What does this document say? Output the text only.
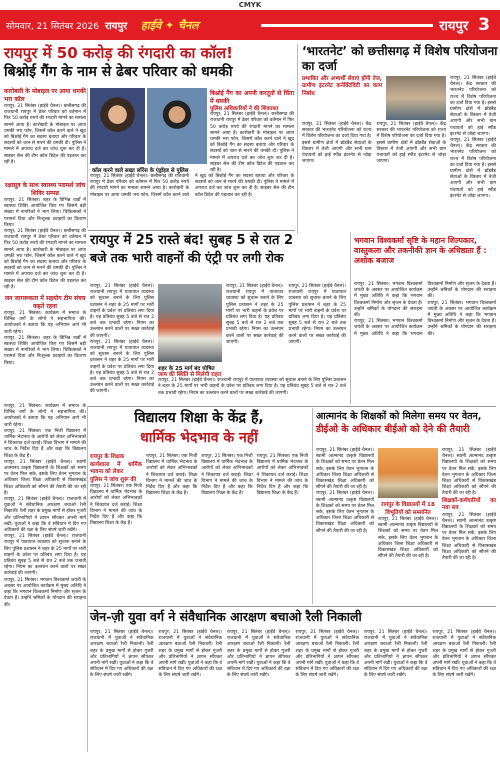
CMYK
सोमवार, 21 सितंबर 2026 रायपुर	हाईवे ✦ चैनल	रायपुर 3
रायपुर में 50 करोड़ की रंगदारी का कॉल!
बिश्नोई गैंग के नाम से ढेबर परिवार को धमकी
कारोबारी के मोबाइल पर आया धमकी भरा कॉल
रायपुर, 21 सितंबर (हाईवे चैनल)। छत्तीसगढ़ की राजधानी रायपुर में ढेबर परिवार को वर्तमान में फिर 50 करोड़ रुपये की रंगदारी मांगने का मामला सामने आया है। कारोबारी के मोबाइल पर आया धमकी भरा फोन, जिसमें कॉल करने वाले ने खुद को बिश्नोई गैंग का सदस्य बताया और परिवार के सदस्यों को जान से मारने की धमकी दी। पुलिस ने मामले में अपराध दर्ज कर जांच शुरू कर दी है। साइबर सेल की टीम कॉल डिटेल की पड़ताल कर रही है।
कॉल करने वाले सख्त लॉरेंस के एंड्रॉइड से पुलिस
बिश्नोई गैंग का अपनी करतूतों से चिंता में धमकी
पुलिस अधिकारियों ने की शिकायत
रायपुर, 21 सितंबर (हाईवे चैनल)। छत्तीसगढ़ की राजधानी रायपुर में ढेबर परिवार को वर्तमान में फिर 50 करोड़ रुपये की रंगदारी मांगने का मामला सामने आया है। कारोबारी के मोबाइल पर आया धमकी भरा फोन, जिसमें कॉल करने वाले ने खुद को बिश्नोई गैंग का सदस्य बताया और परिवार के सदस्यों को जान से मारने की धमकी दी। पुलिस ने मामले में अपराध दर्ज कर जांच शुरू कर दी है। साइबर सेल की टीम कॉल डिटेल की पड़ताल कर रही है।
रायपुर, 21 सितंबर (हाईवे चैनल)। छत्तीसगढ़ की राजधानी रायपुर में ढेबर परिवार को वर्तमान में फिर 50 करोड़ रुपये की रंगदारी मांगने का मामला सामने आया है। कारोबारी के मोबाइल पर आया धमकी भरा फोन, जिसमें कॉल करने वाले ने खुद को बिश्नोई गैंग का सदस्य बताया और परिवार के सदस्यों को जान से मारने की धमकी दी। पुलिस ने मामले में अपराध दर्ज कर जांच शुरू कर दी है। साइबर सेल की टीम कॉल डिटेल की पड़ताल कर रही है।
रक्षासूत्र के साथ स्वास्थ्य परामर्श जांच शिविर सम्पन्न
रायपुर, 21 सितंबर। शहर के विभिन्न वार्डों में स्वास्थ्य शिविर आयोजित किए गए जिसमें बड़ी संख्या में नागरिकों ने भाग लिया। चिकित्सकों ने परामर्श दिया और निःशुल्क दवाइयों का वितरण किया।
रायपुर, 21 सितंबर (हाईवे चैनल)। छत्तीसगढ़ की राजधानी रायपुर में ढेबर परिवार को वर्तमान में फिर 50 करोड़ रुपये की रंगदारी मांगने का मामला सामने आया है। कारोबारी के मोबाइल पर आया धमकी भरा फोन, जिसमें कॉल करने वाले ने खुद को बिश्नोई गैंग का सदस्य बताया और परिवार के सदस्यों को जान से मारने की धमकी दी। पुलिस ने मामले में अपराध दर्ज कर जांच शुरू कर दी है। साइबर सेल की टीम कॉल डिटेल की पड़ताल कर रही है।
जन जागरूकता में सहयोग टीम संचय कहते रहना
रायपुर, 21 सितंबर। कार्यक्रम में समाज के विभिन्न वर्गों के लोगों ने सहभागिता की। आयोजकों ने बताया कि यह अभियान आगे भी जारी रहेगा।
रायपुर, 21 सितंबर। शहर के विभिन्न वार्डों में स्वास्थ्य शिविर आयोजित किए गए जिसमें बड़ी संख्या में नागरिकों ने भाग लिया। चिकित्सकों ने परामर्श दिया और निःशुल्क दवाइयों का वितरण किया।
‘भारतनेट’ को छत्तीसगढ़ में विशेष परियोजना का दर्जा
प्रभावित और अभ्यर्थी सेवाएं होंगी तेज, ग्रामीण इंटरनेट कनेक्टिविटी का काम निर्बाध
रायपुर, 21 सितंबर (हाईवे चैनल)। केंद्र सरकार की भारतनेट परियोजना को राज्य में विशेष परियोजना का दर्जा दिया गया है। इससे ग्रामीण क्षेत्रों में ब्रॉडबैंड सेवाओं के विस्तार में तेजी आएगी और सभी ग्राम पंचायतों को हाई स्पीड इंटरनेट से जोड़ा जाएगा।
रायपुर, 21 सितंबर (हाईवे चैनल)। केंद्र सरकार की भारतनेट परियोजना को राज्य में विशेष परियोजना का दर्जा दिया गया है। इससे ग्रामीण क्षेत्रों में ब्रॉडबैंड सेवाओं के विस्तार में तेजी आएगी और सभी ग्राम पंचायतों को हाई स्पीड इंटरनेट से जोड़ा जाएगा।
रायपुर, 21 सितंबर (हाईवे चैनल)। केंद्र सरकार की भारतनेट परियोजना को राज्य में विशेष परियोजना का दर्जा दिया गया है। इससे ग्रामीण क्षेत्रों में ब्रॉडबैंड सेवाओं के विस्तार में तेजी आएगी और सभी ग्राम पंचायतों को हाई स्पीड इंटरनेट से जोड़ा जाएगा।
रायपुर, 21 सितंबर (हाईवे चैनल)। केंद्र सरकार की भारतनेट परियोजना को राज्य में विशेष परियोजना का दर्जा दिया गया है। इससे ग्रामीण क्षेत्रों में ब्रॉडबैंड सेवाओं के विस्तार में तेजी आएगी और सभी ग्राम पंचायतों को हाई स्पीड इंटरनेट से जोड़ा जाएगा।
रायपुर में 25 रास्ते बंद! सुबह 5 से रात 2
बजे तक भारी वाहनों की एंट्री पर लगी रोक
रायपुर, 21 सितंबर (हाईवे चैनल)। राजधानी रायपुर में यातायात व्यवस्था को सुचारू बनाने के लिए पुलिस प्रशासन ने शहर के 25 मार्गों पर भारी वाहनों के प्रवेश पर प्रतिबंध लगा दिया है। यह प्रतिबंध सुबह 5 बजे से रात 2 बजे तक प्रभावी रहेगा। नियम का उल्लंघन करने वालों पर सख्त कार्रवाई की जाएगी।
रायपुर, 21 सितंबर (हाईवे चैनल)। राजधानी रायपुर में यातायात व्यवस्था को सुचारू बनाने के लिए पुलिस प्रशासन ने शहर के 25 मार्गों पर भारी वाहनों के प्रवेश पर प्रतिबंध लगा दिया है। यह प्रतिबंध सुबह 5 बजे से रात 2 बजे तक प्रभावी रहेगा। नियम का उल्लंघन करने वालों पर सख्त कार्रवाई की जाएगी।
शहर के 25 मार्ग बंद घोषित
रायपुर, 21 सितंबर (हाईवे चैनल)। राजधानी रायपुर में यातायात व्यवस्था को सुचारू बनाने के लिए पुलिस प्रशासन ने शहर के 25 मार्गों पर भारी वाहनों के प्रवेश पर प्रतिबंध लगा दिया है। यह प्रतिबंध सुबह 5 बजे से रात 2 बजे तक प्रभावी रहेगा। नियम का उल्लंघन करने वालों पर सख्त कार्रवाई की जाएगी।
रायपुर, 21 सितंबर (हाईवे चैनल)। राजधानी रायपुर में यातायात व्यवस्था को सुचारू बनाने के लिए पुलिस प्रशासन ने शहर के 25 मार्गों पर भारी वाहनों के प्रवेश पर प्रतिबंध लगा दिया है। यह प्रतिबंध सुबह 5 बजे से रात 2 बजे तक प्रभावी रहेगा। नियम का उल्लंघन करने वालों पर सख्त कार्रवाई की जाएगी।
जाम की स्थिति से मिलेगी राहत
रायपुर, 21 सितंबर (हाईवे चैनल)। राजधानी रायपुर में यातायात व्यवस्था को सुचारू बनाने के लिए पुलिस प्रशासन ने शहर के 25 मार्गों पर भारी वाहनों के प्रवेश पर प्रतिबंध लगा दिया है। यह प्रतिबंध सुबह 5 बजे से रात 2 बजे तक प्रभावी रहेगा। नियम का उल्लंघन करने वालों पर सख्त कार्रवाई की जाएगी।
भगवान विश्वकर्मा सृष्टि के महान शिल्पकार, वास्तुकला और तकनीकी ज्ञान के अधिष्ठाता हैं : अशोक बजाज
रायपुर, 21 सितंबर। भगवान विश्वकर्मा जयंती के अवसर पर आयोजित कार्यक्रम में मुख्य अतिथि ने कहा कि भगवान विश्वकर्मा निर्माण और सृजन के देवता हैं। उन्होंने श्रमिकों के योगदान की सराहना की।
रायपुर, 21 सितंबर। भगवान विश्वकर्मा जयंती के अवसर पर आयोजित कार्यक्रम में मुख्य अतिथि ने कहा कि भगवान विश्वकर्मा निर्माण और सृजन के देवता हैं। उन्होंने श्रमिकों के योगदान की सराहना की।
रायपुर, 21 सितंबर। भगवान विश्वकर्मा जयंती के अवसर पर आयोजित कार्यक्रम में मुख्य अतिथि ने कहा कि भगवान विश्वकर्मा निर्माण और सृजन के देवता हैं। उन्होंने श्रमिकों के योगदान की सराहना की।
विद्यालय शिक्षा के केंद्र हैं,
धार्मिक भेदभाव के नहीं
रायपुर के शिक्षक
कार्यशाला में धार्मिक भावना को लेकर
पुलिस ने जांच शुरू की
रायपुर, 21 सितंबर। एक निजी विद्यालय में धार्मिक भेदभाव के आरोपों को लेकर अभिभावकों ने शिकायत दर्ज कराई। शिक्षा विभाग ने मामले की जांच के निर्देश दिए हैं और कहा कि विद्यालय शिक्षा के केंद्र हैं।
रायपुर, 21 सितंबर। एक निजी विद्यालय में धार्मिक भेदभाव के आरोपों को लेकर अभिभावकों ने शिकायत दर्ज कराई। शिक्षा विभाग ने मामले की जांच के निर्देश दिए हैं और कहा कि विद्यालय शिक्षा के केंद्र हैं।
रायपुर, 21 सितंबर। एक निजी विद्यालय में धार्मिक भेदभाव के आरोपों को लेकर अभिभावकों ने शिकायत दर्ज कराई। शिक्षा विभाग ने मामले की जांच के निर्देश दिए हैं और कहा कि विद्यालय शिक्षा के केंद्र हैं।
रायपुर, 21 सितंबर। एक निजी विद्यालय में धार्मिक भेदभाव के आरोपों को लेकर अभिभावकों ने शिकायत दर्ज कराई। शिक्षा विभाग ने मामले की जांच के निर्देश दिए हैं और कहा कि विद्यालय शिक्षा के केंद्र हैं।
आत्मानंद के शिक्षकों को मिलेगा समय पर वेतन,
डीईओ के अधिकार बीईओ को देने की तैयारी
रायपुर, 21 सितंबर (हाईवे चैनल)। स्वामी आत्मानंद उत्कृष्ट विद्यालयों के शिक्षकों को समय पर वेतन मिल सके, इसके लिए वेतन भुगतान के अधिकार जिला शिक्षा अधिकारी से विकासखंड शिक्षा अधिकारी को सौंपने की तैयारी की जा रही है।
रायपुर, 21 सितंबर (हाईवे चैनल)। स्वामी आत्मानंद उत्कृष्ट विद्यालयों के शिक्षकों को समय पर वेतन मिल सके, इसके लिए वेतन भुगतान के अधिकार जिला शिक्षा अधिकारी से विकासखंड शिक्षा अधिकारी को सौंपने की तैयारी की जा रही है।
रायपुर के विद्यालयों में 18 विभूतियों को सम्मानित
रायपुर, 21 सितंबर (हाईवे चैनल)। स्वामी आत्मानंद उत्कृष्ट विद्यालयों के शिक्षकों को समय पर वेतन मिल सके, इसके लिए वेतन भुगतान के अधिकार जिला शिक्षा अधिकारी से विकासखंड शिक्षा अधिकारी को सौंपने की तैयारी की जा रही है।
रायपुर, 21 सितंबर (हाईवे चैनल)। स्वामी आत्मानंद उत्कृष्ट विद्यालयों के शिक्षकों को समय पर वेतन मिल सके, इसके लिए वेतन भुगतान के अधिकार जिला शिक्षा अधिकारी से विकासखंड शिक्षा अधिकारी को सौंपने की तैयारी की जा रही है।
शिक्षकों-कर्मचारियों का नया सत्र
रायपुर, 21 सितंबर (हाईवे चैनल)। स्वामी आत्मानंद उत्कृष्ट विद्यालयों के शिक्षकों को समय पर वेतन मिल सके, इसके लिए वेतन भुगतान के अधिकार जिला शिक्षा अधिकारी से विकासखंड शिक्षा अधिकारी को सौंपने की तैयारी की जा रही है।
जेन-ज़ी युवा वर्ग ने संवैधानिक आरक्षण बचाओ रैली निकाली
रायपुर, 21 सितंबर (हाईवे चैनल)। राजधानी में युवाओं ने संवैधानिक आरक्षण बचाओ रैली निकाली। रैली शहर के प्रमुख मार्गों से होकर गुजरी और प्रतिभागियों ने ज्ञापन सौंपकर अपनी मांगें रखीं। युवाओं ने कहा कि वे संविधान में दिए गए अधिकारों की रक्षा के लिए संघर्ष जारी रखेंगे।
रायपुर, 21 सितंबर (हाईवे चैनल)। राजधानी में युवाओं ने संवैधानिक आरक्षण बचाओ रैली निकाली। रैली शहर के प्रमुख मार्गों से होकर गुजरी और प्रतिभागियों ने ज्ञापन सौंपकर अपनी मांगें रखीं। युवाओं ने कहा कि वे संविधान में दिए गए अधिकारों की रक्षा के लिए संघर्ष जारी रखेंगे।
रायपुर, 21 सितंबर (हाईवे चैनल)। राजधानी में युवाओं ने संवैधानिक आरक्षण बचाओ रैली निकाली। रैली शहर के प्रमुख मार्गों से होकर गुजरी और प्रतिभागियों ने ज्ञापन सौंपकर अपनी मांगें रखीं। युवाओं ने कहा कि वे संविधान में दिए गए अधिकारों की रक्षा के लिए संघर्ष जारी रखेंगे।
रायपुर, 21 सितंबर (हाईवे चैनल)। राजधानी में युवाओं ने संवैधानिक आरक्षण बचाओ रैली निकाली। रैली शहर के प्रमुख मार्गों से होकर गुजरी और प्रतिभागियों ने ज्ञापन सौंपकर अपनी मांगें रखीं। युवाओं ने कहा कि वे संविधान में दिए गए अधिकारों की रक्षा के लिए संघर्ष जारी रखेंगे।
रायपुर, 21 सितंबर (हाईवे चैनल)। राजधानी में युवाओं ने संवैधानिक आरक्षण बचाओ रैली निकाली। रैली शहर के प्रमुख मार्गों से होकर गुजरी और प्रतिभागियों ने ज्ञापन सौंपकर अपनी मांगें रखीं। युवाओं ने कहा कि वे संविधान में दिए गए अधिकारों की रक्षा के लिए संघर्ष जारी रखेंगे।
रायपुर, 21 सितंबर (हाईवे चैनल)। राजधानी में युवाओं ने संवैधानिक आरक्षण बचाओ रैली निकाली। रैली शहर के प्रमुख मार्गों से होकर गुजरी और प्रतिभागियों ने ज्ञापन सौंपकर अपनी मांगें रखीं। युवाओं ने कहा कि वे संविधान में दिए गए अधिकारों की रक्षा के लिए संघर्ष जारी रखेंगे।
रायपुर, 21 सितंबर। कार्यक्रम में समाज के विभिन्न वर्गों के लोगों ने सहभागिता की। आयोजकों ने बताया कि यह अभियान आगे भी जारी रहेगा।
रायपुर, 21 सितंबर। एक निजी विद्यालय में धार्मिक भेदभाव के आरोपों को लेकर अभिभावकों ने शिकायत दर्ज कराई। शिक्षा विभाग ने मामले की जांच के निर्देश दिए हैं और कहा कि विद्यालय शिक्षा के केंद्र हैं।
रायपुर, 21 सितंबर (हाईवे चैनल)। स्वामी आत्मानंद उत्कृष्ट विद्यालयों के शिक्षकों को समय पर वेतन मिल सके, इसके लिए वेतन भुगतान के अधिकार जिला शिक्षा अधिकारी से विकासखंड शिक्षा अधिकारी को सौंपने की तैयारी की जा रही है।
रायपुर, 21 सितंबर (हाईवे चैनल)। राजधानी में युवाओं ने संवैधानिक आरक्षण बचाओ रैली निकाली। रैली शहर के प्रमुख मार्गों से होकर गुजरी और प्रतिभागियों ने ज्ञापन सौंपकर अपनी मांगें रखीं। युवाओं ने कहा कि वे संविधान में दिए गए अधिकारों की रक्षा के लिए संघर्ष जारी रखेंगे।
रायपुर, 21 सितंबर (हाईवे चैनल)। राजधानी रायपुर में यातायात व्यवस्था को सुचारू बनाने के लिए पुलिस प्रशासन ने शहर के 25 मार्गों पर भारी वाहनों के प्रवेश पर प्रतिबंध लगा दिया है। यह प्रतिबंध सुबह 5 बजे से रात 2 बजे तक प्रभावी रहेगा। नियम का उल्लंघन करने वालों पर सख्त कार्रवाई की जाएगी।
रायपुर, 21 सितंबर। भगवान विश्वकर्मा जयंती के अवसर पर आयोजित कार्यक्रम में मुख्य अतिथि ने कहा कि भगवान विश्वकर्मा निर्माण और सृजन के देवता हैं। उन्होंने श्रमिकों के योगदान की सराहना की।
